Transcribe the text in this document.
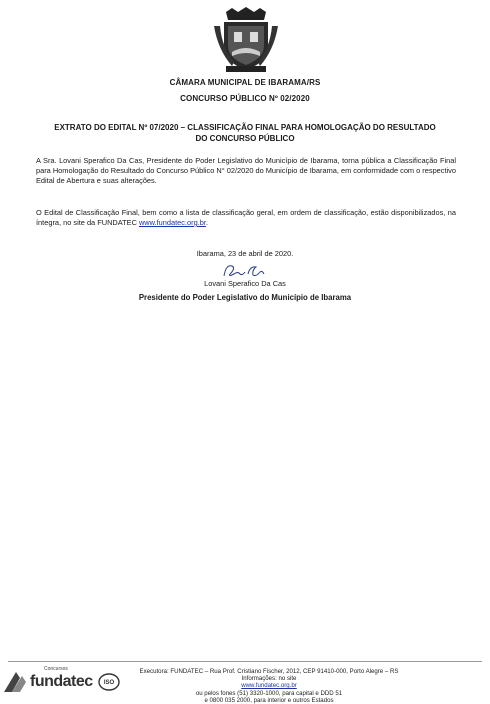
CÂMARA MUNICIPAL DE IBARAMA/RS
CONCURSO PÚBLICO Nº 02/2020
EXTRATO DO EDITAL Nº 07/2020 – CLASSIFICAÇÃO FINAL PARA HOMOLOGAÇÃO DO RESULTADO
DO CONCURSO PÚBLICO
A Sra. Lovani Sperafico Da Cas, Presidente do Poder Legislativo do Município de Ibarama, torna pública a Classificação Final para Homologação do Resultado do Concurso Público N° 02/2020 do Município de Ibarama, em conformidade com o respectivo Edital de Abertura e suas alterações.
O Edital de Classificação Final, bem como a lista de classificação geral, em ordem de classificação, estão disponibilizados, na íntegra, no site da FUNDATEC www.fundatec.org.br.
Ibarama, 23 de abril de 2020.
Lovani Sperafico Da Cas
Presidente do Poder Legislativo do Município de Ibarama
Concursos
fundatec ISO
Executora: FUNDATEC – Rua Prof. Cristiano Fischer, 2012, CEP 91410-000, Porto Alegre – RS
Informações: no site
www.fundatec.org.br
ou pelos fones (51) 3320-1000, para capital e DDD 51
e 0800 035 2000, para interior e outros Estados
